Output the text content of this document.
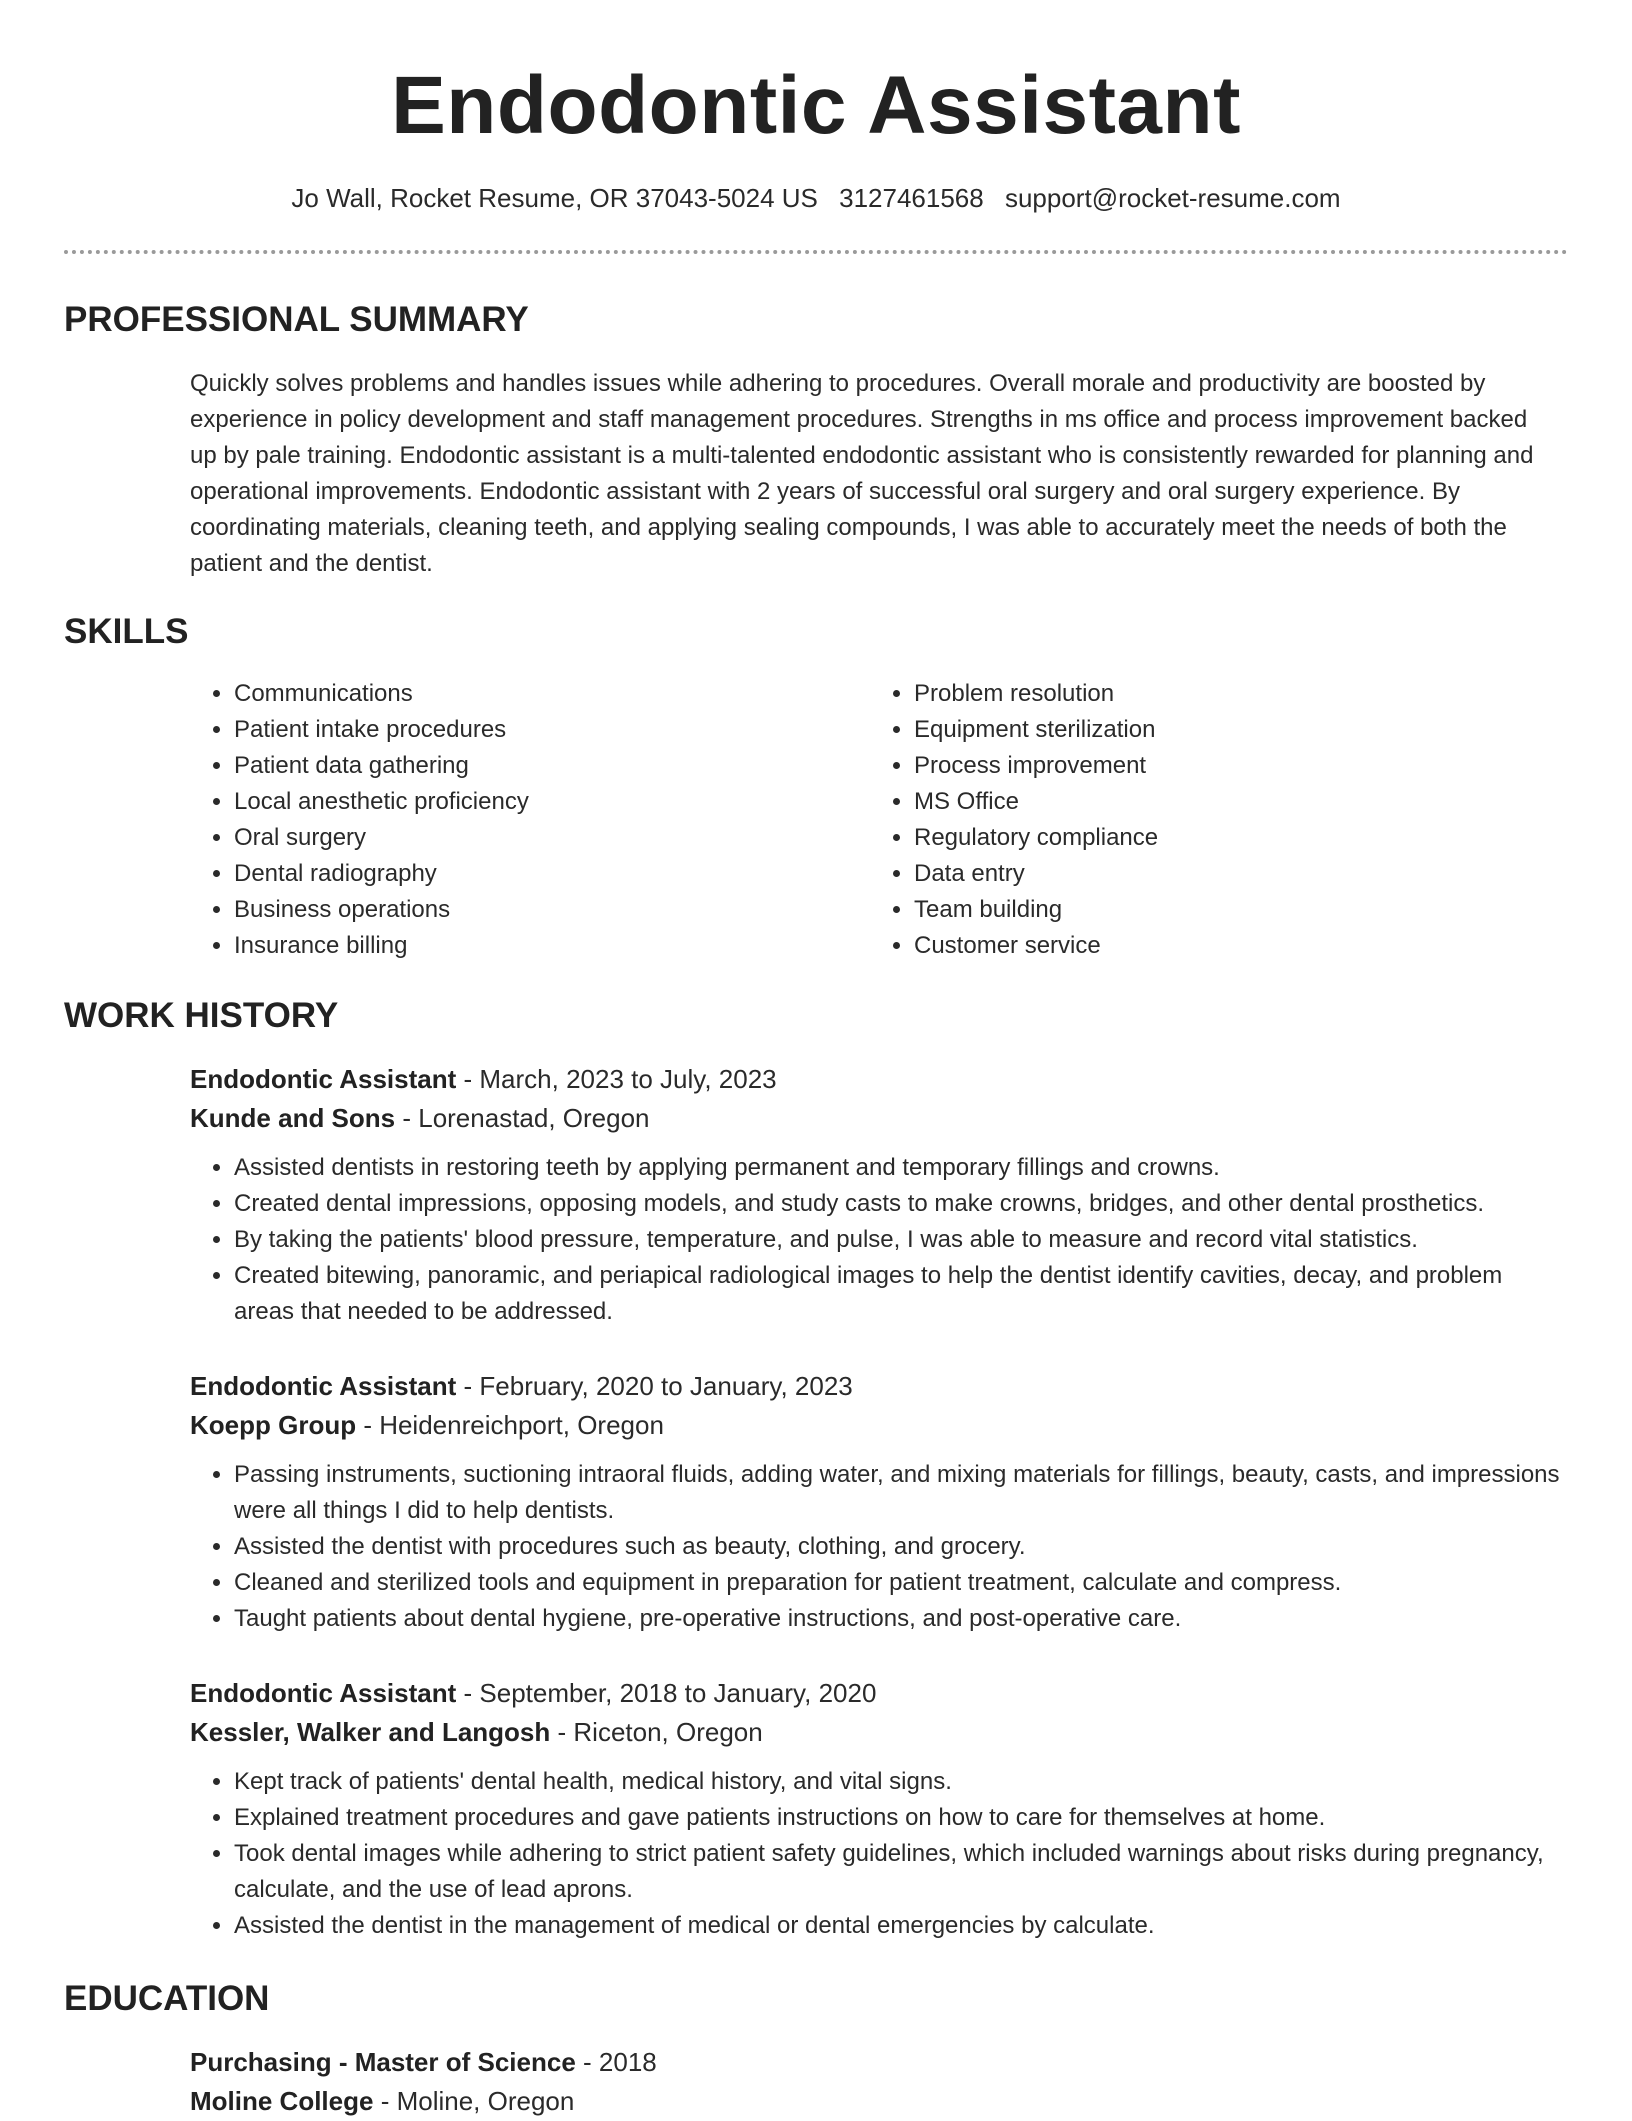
Endodontic Assistant
Jo Wall, Rocket Resume, OR 37043-5024 US 3127461568 support@rocket-resume.com
PROFESSIONAL SUMMARY

Quickly solves problems and handles issues while adhering to procedures. Overall morale and productivity are boosted by experience in policy development and staff management procedures. Strengths in ms office and process improvement backed up by pale training. Endodontic assistant is a multi-talented endodontic assistant who is consistently rewarded for planning and operational improvements. Endodontic assistant with 2 years of successful oral surgery and oral surgery experience. By coordinating materials, cleaning teeth, and applying sealing compounds, I was able to accurately meet the needs of both the patient and the dentist.

SKILLS
• Communications
• Patient intake procedures
• Patient data gathering
• Local anesthetic proficiency
• Oral surgery
• Dental radiography
• Business operations
• Insurance billing
• Problem resolution
• Equipment sterilization
• Process improvement
• MS Office
• Regulatory compliance
• Data entry
• Team building
• Customer service
WORK HISTORY
Endodontic Assistant - March, 2023 to July, 2023
Kunde and Sons - Lorenastad, Oregon
• Assisted dentists in restoring teeth by applying permanent and temporary fillings and crowns.
• Created dental impressions, opposing models, and study casts to make crowns, bridges, and other dental prosthetics.
• By taking the patients' blood pressure, temperature, and pulse, I was able to measure and record vital statistics.
• Created bitewing, panoramic, and periapical radiological images to help the dentist identify cavities, decay, and problem areas that needed to be addressed.
Endodontic Assistant - February, 2020 to January, 2023
Koepp Group - Heidenreichport, Oregon
• Passing instruments, suctioning intraoral fluids, adding water, and mixing materials for fillings, beauty, casts, and impressions were all things I did to help dentists.
• Assisted the dentist with procedures such as beauty, clothing, and grocery.
• Cleaned and sterilized tools and equipment in preparation for patient treatment, calculate and compress.
• Taught patients about dental hygiene, pre-operative instructions, and post-operative care.
Endodontic Assistant - September, 2018 to January, 2020
Kessler, Walker and Langosh - Riceton, Oregon
• Kept track of patients' dental health, medical history, and vital signs.
• Explained treatment procedures and gave patients instructions on how to care for themselves at home.
• Took dental images while adhering to strict patient safety guidelines, which included warnings about risks during pregnancy, calculate, and the use of lead aprons.
• Assisted the dentist in the management of medical or dental emergencies by calculate.
EDUCATION
Purchasing - Master of Science - 2018
Moline College - Moline, Oregon
